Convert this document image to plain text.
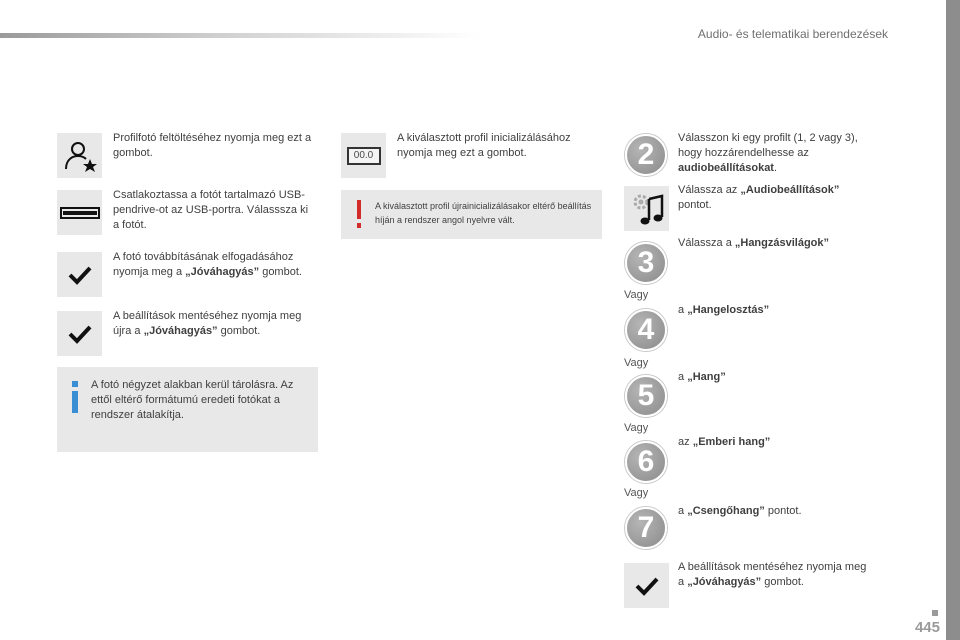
Audio- és telematikai berendezések
445
Profilfotó feltöltéséhez nyomja meg ezt a gombot.
Csatlakoztassa a fotót tartalmazó USB-pendrive-ot az USB-portra. Válasssza ki a fotót.
A fotó továbbításának elfogadásához nyomja meg a „Jóváhagyás” gombot.
A beállítások mentéséhez nyomja meg újra a „Jóváhagyás” gombot.
A fotó négyzet alakban kerül tárolásra. Az ettől eltérő formátumú eredeti fotókat a rendszer átalakítja.
00.0
A kiválasztott profil inicializálásához nyomja meg ezt a gombot.
A kiválasztott profil újrainicializálásakor eltérő beállítás híján a rendszer angol nyelvre vált.
2	Válasszon ki egy profilt (1, 2 vagy 3), hogy hozzárendelhesse az audiobeállításokat.
Válassza az „Audiobeállítások” pontot.
3
Válassza a „Hangzásvilágok”
Vagy
4
a „Hangelosztás”
Vagy
5
a „Hang”
Vagy
6
az „Emberi hang”
Vagy
7	a „Csengőhang” pontot.
A beállítások mentéséhez nyomja meg a „Jóváhagyás” gombot.
